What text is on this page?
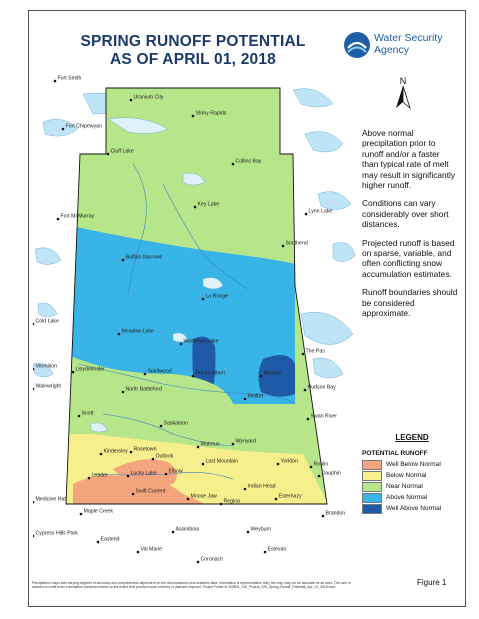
SPRING RUNOFF POTENTIAL
AS OF APRIL 01, 2018
Water Security
Agency
N
Fort Smith
Uranium City
Fort Chipewyan
Stony Rapids
Cluff Lake
Collins Bay
Key Lake
Fort McMurray
Lynn Lake
Southend
Buffalo Narrows
La Ronge
Cold Lake
Meadow Lake
Waskesiu Lake
The Pas
Vermilion	Lloydminster	Spiritwood	Prince Albert	Nipawin
Wainwright	North Battleford
Melfort
Hudson Bay
Swan River
Scott
Saskatoon
Rosetown
Wynyard
Kindersley
Outlook
Watrous
Last Mountain	Yorkton	Roblin
Dauphin
Leader	Lucky Lake Elbow
Indian Head
Esterhazy
Medicine Hat
Swift Current
Moose Jaw
Regina
Maple Creek	Brandon
Eastend
Assiniboia	Weyburn
Cypress Hills Park
Val Marie	Estevan
Coronach

Above normal precipitation prior to runoff and/or a faster than typical rate of melt may result in significantly higher runoff.

Conditions can vary considerably over short distances.

Projected runoff is based on sparse, variable, and often conflicting snow accumulation estimates.

Runoff boundaries should be considered approximate.

LEGEND
POTENTIAL RUNOFF
Well Below Normal
Below Normal
Near Normal
Above Normal
Well Above Normal
Precipitation maps with varying degrees of accuracy and completeness dependent on the circumstances and available data. Information is representative only; the map may not be accurate for all uses. The user is advised to confirm the information contained herein to the extent that precision and currency of data are required. Project Folder is 200804_GIS_Project_SSI_Spring_Runoff_Potential_Apr_01_2018.mxd
Figure 1
